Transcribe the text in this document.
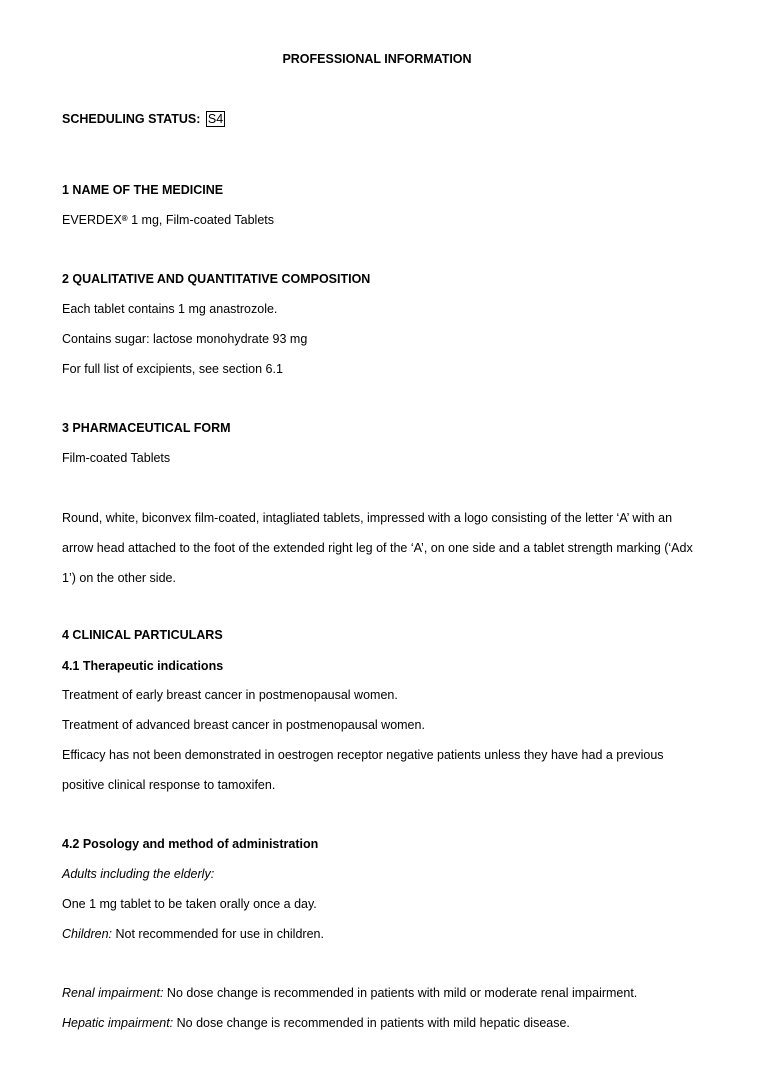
PROFESSIONAL INFORMATION
SCHEDULING STATUS: S4
1 NAME OF THE MEDICINE
EVERDEX® 1 mg, Film-coated Tablets
2 QUALITATIVE AND QUANTITATIVE COMPOSITION
Each tablet contains 1 mg anastrozole.
Contains sugar: lactose monohydrate 93 mg
For full list of excipients, see section 6.1
3 PHARMACEUTICAL FORM
Film-coated Tablets
Round, white, biconvex film-coated, intagliated tablets, impressed with a logo consisting of the letter ‘A’ with an
arrow head attached to the foot of the extended right leg of the ‘A’, on one side and a tablet strength marking (‘Adx
1’) on the other side.
4 CLINICAL PARTICULARS
4.1 Therapeutic indications
Treatment of early breast cancer in postmenopausal women.
Treatment of advanced breast cancer in postmenopausal women.
Efficacy has not been demonstrated in oestrogen receptor negative patients unless they have had a previous
positive clinical response to tamoxifen.
4.2 Posology and method of administration
Adults including the elderly:
One 1 mg tablet to be taken orally once a day.
Children: Not recommended for use in children.
Renal impairment: No dose change is recommended in patients with mild or moderate renal impairment.
Hepatic impairment: No dose change is recommended in patients with mild hepatic disease.
